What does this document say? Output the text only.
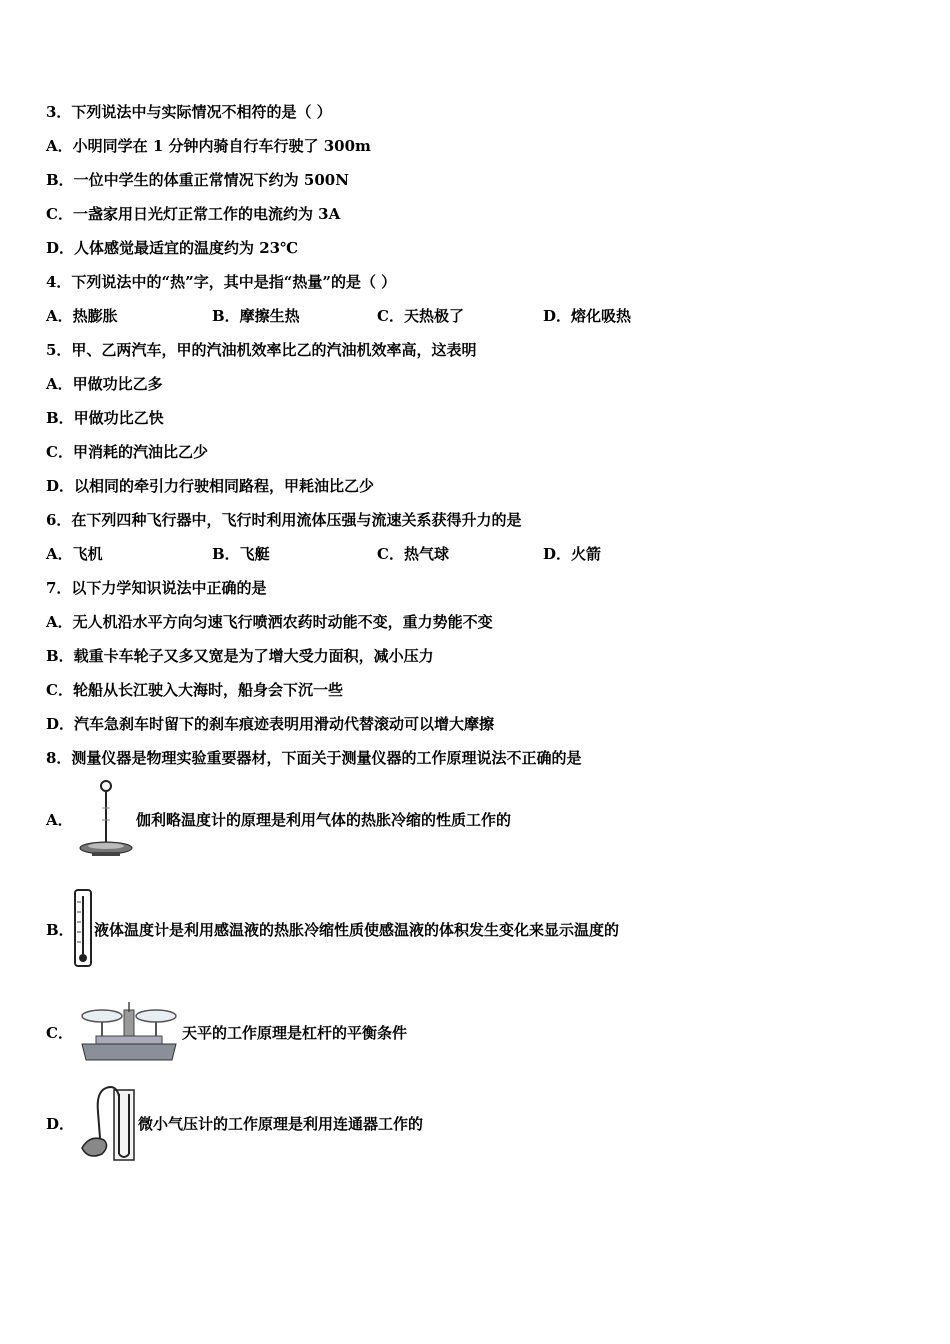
3．下列说法中与实际情况不相符的是（ ）
A．小明同学在 1 分钟内骑自行车行驶了 300m
B．一位中学生的体重正常情况下约为 500N
C．一盏家用日光灯正常工作的电流约为 3A
D．人体感觉最适宜的温度约为 23℃
4．下列说法中的“热”字，其中是指“热量”的是（ ）
A．热膨胀	B．摩擦生热	C．天热极了	D．熔化吸热
5．甲、乙两汽车，甲的汽油机效率比乙的汽油机效率高，这表明
A．甲做功比乙多
B．甲做功比乙快
C．甲消耗的汽油比乙少
D．以相同的牵引力行驶相同路程，甲耗油比乙少
6．在下列四种飞行器中，飞行时利用流体压强与流速关系获得升力的是
A．飞机	B．飞艇	C．热气球	D．火箭
7．以下力学知识说法中正确的是
A．无人机沿水平方向匀速飞行喷洒农药时动能不变，重力势能不变
B．载重卡车轮子又多又宽是为了增大受力面积，减小压力
C．轮船从长江驶入大海时，船身会下沉一些
D．汽车急刹车时留下的刹车痕迹表明用滑动代替滚动可以增大摩擦
8．测量仪器是物理实验重要器材，下面关于测量仪器的工作原理说法不正确的是
A．	伽利略温度计的原理是利用气体的热胀冷缩的性质工作的
B． 液体温度计是利用感温液的热胀冷缩性质使感温液的体积发生变化来显示温度的
C．	天平的工作原理是杠杆的平衡条件
D．	微小气压计的工作原理是利用连通器工作的
